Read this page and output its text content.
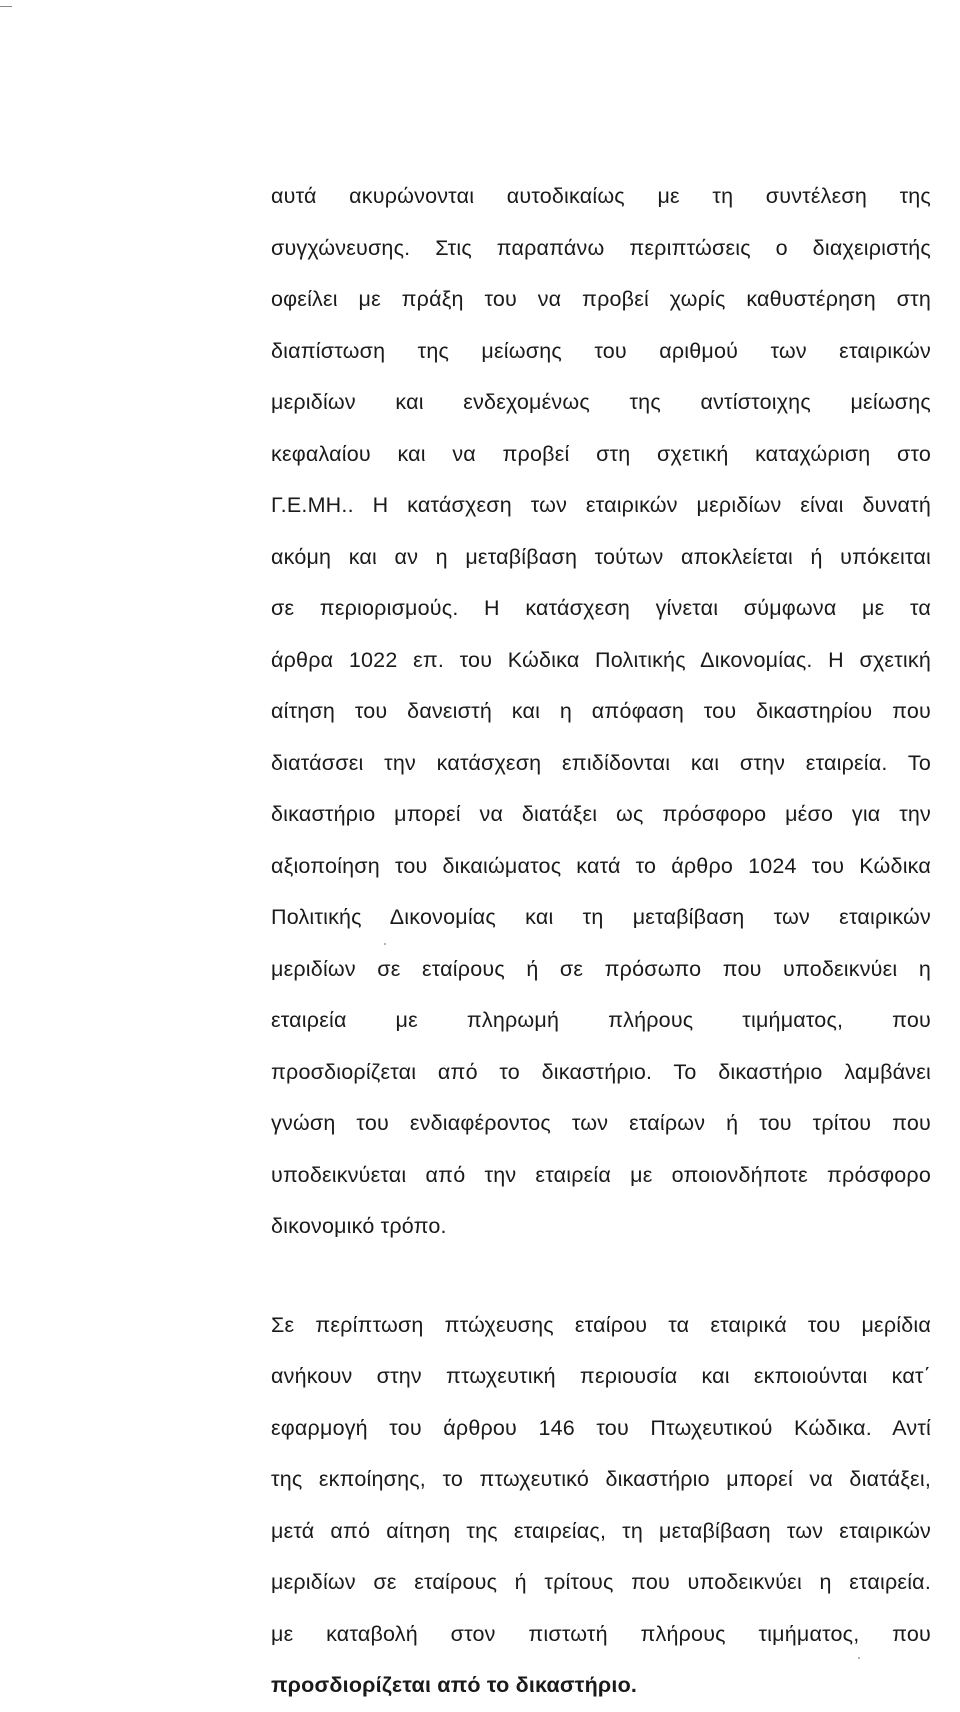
αυτά ακυρώνονται αυτοδικαίως με τη συντέλεση της
συγχώνευσης. Στις παραπάνω περιπτώσεις ο διαχειριστής
οφείλει με πράξη του να προβεί χωρίς καθυστέρηση στη
διαπίστωση της μείωσης του αριθμού των εταιρικών
μεριδίων και ενδεχομένως της αντίστοιχης μείωσης
κεφαλαίου και να προβεί στη σχετική καταχώριση στο
Γ.Ε.ΜΗ.. Η κατάσχεση των εταιρικών μεριδίων είναι δυνατή
ακόμη και αν η μεταβίβαση τούτων αποκλείεται ή υπόκειται
σε περιορισμούς. Η κατάσχεση γίνεται σύμφωνα με τα
άρθρα 1022 επ. του Κώδικα Πολιτικής Δικονομίας. Η σχετική
αίτηση του δανειστή και η απόφαση του δικαστηρίου που
διατάσσει την κατάσχεση επιδίδονται και στην εταιρεία. Το
δικαστήριο μπορεί να διατάξει ως πρόσφορο μέσο για την
αξιοποίηση του δικαιώματος κατά το άρθρο 1024 του Κώδικα
Πολιτικής Δικονομίας και τη μεταβίβαση των εταιρικών
μεριδίων σε εταίρους ή σε πρόσωπο που υποδεικνύει η
εταιρεία με πληρωμή πλήρους τιμήματος, που
προσδιορίζεται από το δικαστήριο. Το δικαστήριο λαμβάνει
γνώση του ενδιαφέροντος των εταίρων ή του τρίτου που
υποδεικνύεται από την εταιρεία με οποιονδήποτε πρόσφορο
δικονομικό τρόπο.
Σε περίπτωση πτώχευσης εταίρου τα εταιρικά του μερίδια
ανήκουν στην πτωχευτική περιουσία και εκποιούνται κατ΄
εφαρμογή του άρθρου 146 του Πτωχευτικού Κώδικα. Αντί
της εκποίησης, το πτωχευτικό δικαστήριο μπορεί να διατάξει,
μετά από αίτηση της εταιρείας, τη μεταβίβαση των εταιρικών
μεριδίων σε εταίρους ή τρίτους που υποδεικνύει η εταιρεία.
με καταβολή στον πιστωτή πλήρους τιμήματος, που
προσδιορίζεται από το δικαστήριο.
